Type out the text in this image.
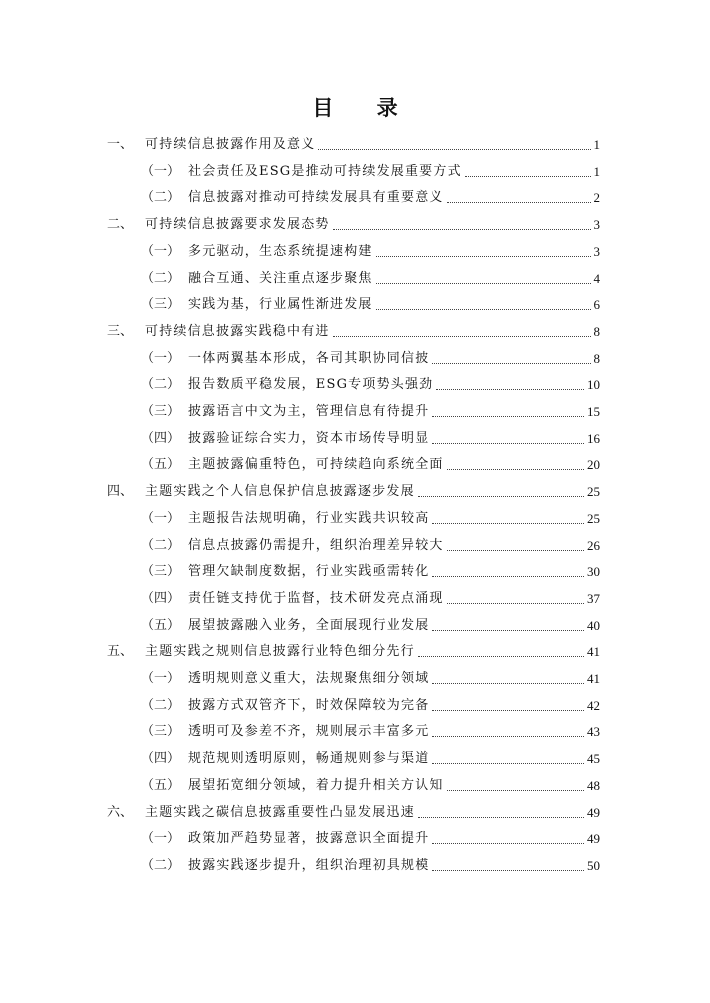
目 录
一、 可持续信息披露作用及意义	1
（一） 社会责任及ESG是推动可持续发展重要方式	1
（二） 信息披露对推动可持续发展具有重要意义	2
二、 可持续信息披露要求发展态势	3
（一） 多元驱动，生态系统提速构建	3
（二） 融合互通、关注重点逐步聚焦	4
（三） 实践为基，行业属性渐进发展	6
三、 可持续信息披露实践稳中有进	8
（一） 一体两翼基本形成，各司其职协同信披	8
（二） 报告数质平稳发展，ESG专项势头强劲	10
（三） 披露语言中文为主，管理信息有待提升	15
（四） 披露验证综合实力，资本市场传导明显	16
（五） 主题披露偏重特色，可持续趋向系统全面	20
四、 主题实践之个人信息保护信息披露逐步发展	25
（一） 主题报告法规明确，行业实践共识较高	25
（二） 信息点披露仍需提升，组织治理差异较大	26
（三） 管理欠缺制度数据，行业实践亟需转化	30
（四） 责任链支持优于监督，技术研发亮点涌现	37
（五） 展望披露融入业务，全面展现行业发展	40
五、 主题实践之规则信息披露行业特色细分先行	41
（一） 透明规则意义重大，法规聚焦细分领域	41
（二） 披露方式双管齐下，时效保障较为完备	42
（三） 透明可及参差不齐，规则展示丰富多元	43
（四） 规范规则透明原则，畅通规则参与渠道	45
（五） 展望拓宽细分领域，着力提升相关方认知	48
六、 主题实践之碳信息披露重要性凸显发展迅速	49
（一） 政策加严趋势显著，披露意识全面提升	49
（二） 披露实践逐步提升，组织治理初具规模	50
